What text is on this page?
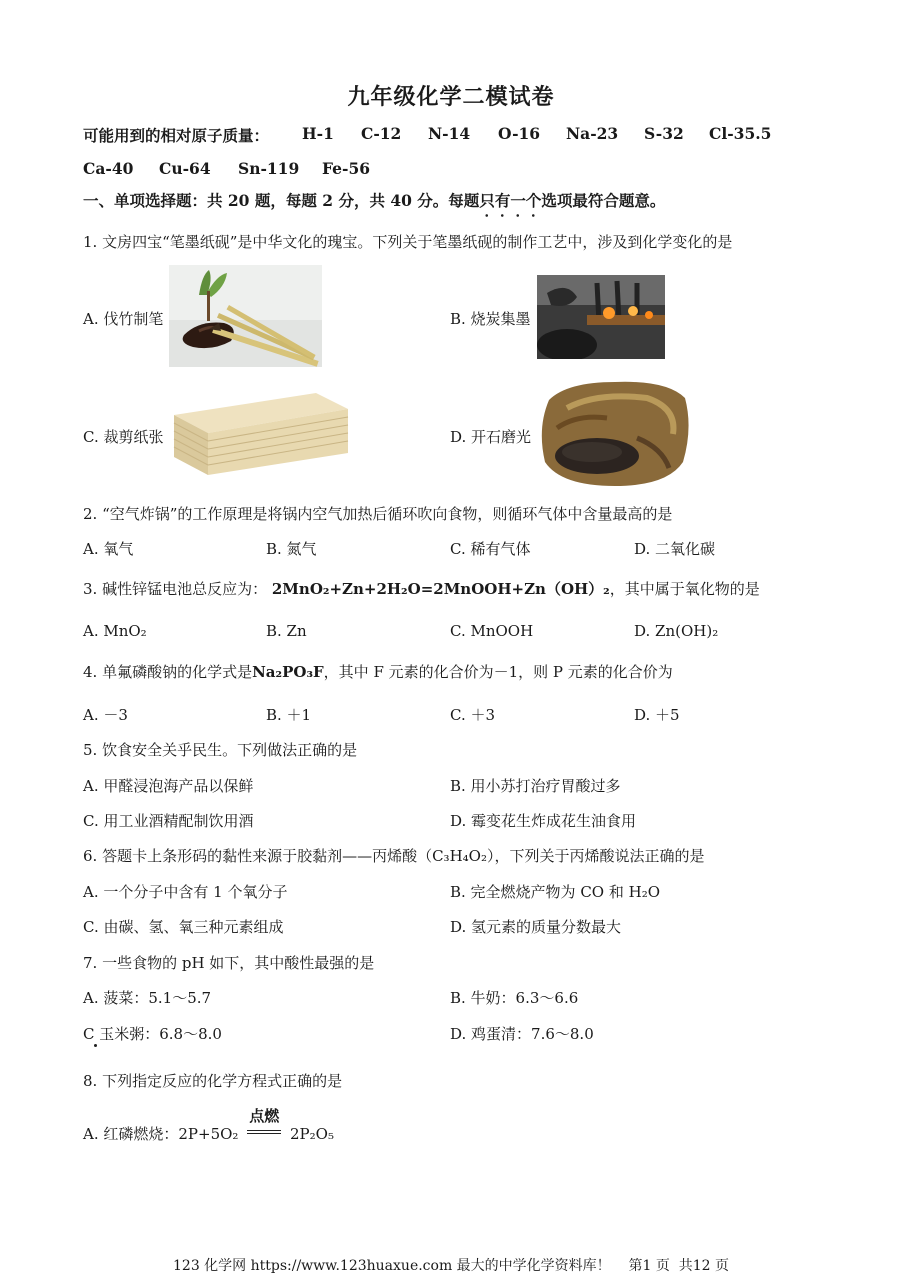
九年级化学二模试卷
可能用到的相对原子质量： H-1 C-12 N-14 O-16 Na-23 S-32 Cl-35.5
Ca-40 Cu-64 Sn-119 Fe-56
一、单项选择题：共 20 题，每题 2 分，共 40 分。每题只有一个选项最符合题意。
1. 文房四宝“笔墨纸砚”是中华文化的瑰宝。下列关于笔墨纸砚的制作工艺中，涉及到化学变化的是
A. 伐竹制笔	B. 烧炭集墨
C. 裁剪纸张	D. 开石磨光
2. “空气炸锅”的工作原理是将锅内空气加热后循环吹向食物，则循环气体中含量最高的是
A. 氧气	B. 氮气	C. 稀有气体	D. 二氧化碳
3. 碱性锌锰电池总反应为： 2MnO₂+Zn+2H₂O=2MnOOH+Zn（OH）₂，其中属于氧化物的是
A. MnO₂	B. Zn	C. MnOOH	D. Zn(OH)₂
4. 单氟磷酸钠的化学式是Na₂PO₃F，其中 F 元素的化合价为－1，则 P 元素的化合价为
A. －3	B. ＋1	C. ＋3	D. ＋5
5. 饮食安全关乎民生。下列做法正确的是
A. 甲醛浸泡海产品以保鲜	B. 用小苏打治疗胃酸过多
C. 用工业酒精配制饮用酒	D. 霉变花生炸成花生油食用
6. 答题卡上条形码的黏性来源于胶黏剂——丙烯酸（C₃H₄O₂），下列关于丙烯酸说法正确的是
A. 一个分子中含有 1 个氧分子	B. 完全燃烧产物为 CO 和 H₂O
C. 由碳、氢、氧三种元素组成	D. 氢元素的质量分数最大
7. 一些食物的 pH 如下，其中酸性最强的是
A. 菠菜：5.1～5.7	B. 牛奶：6.3～6.6
C 玉米粥：6.8～8.0	D. 鸡蛋清：7.6～8.0
8. 下列指定反应的化学方程式正确的是
A. 红磷燃烧：2P+5O₂
点燃
2P₂O₅
123 化学网 https://www.123huaxue.com 最大的中学化学资料库！    第1 页  共12 页
